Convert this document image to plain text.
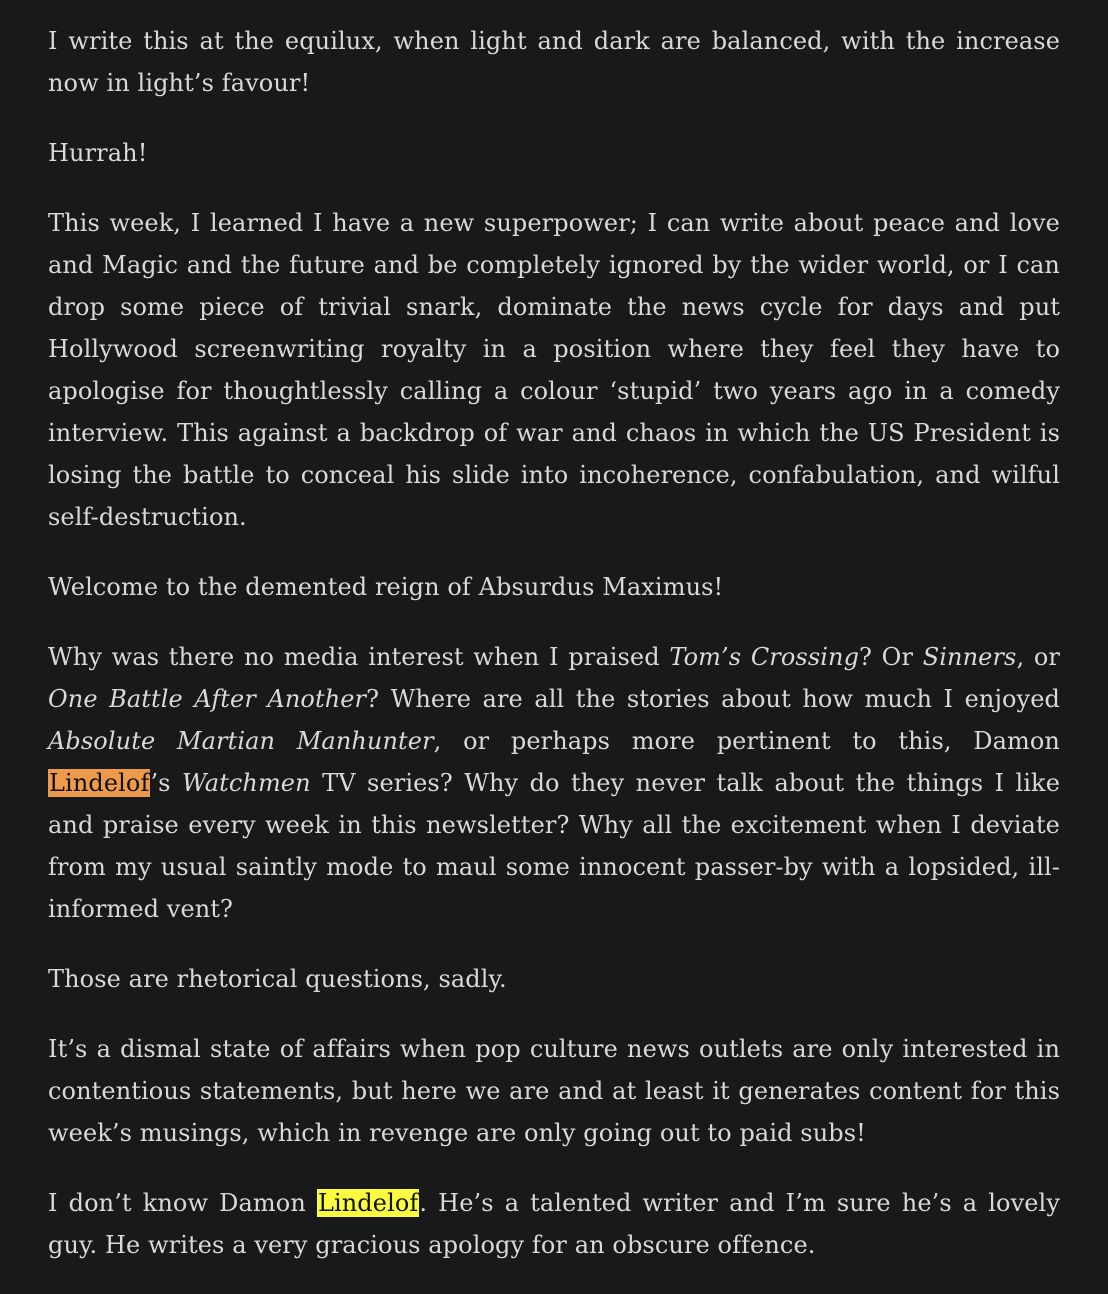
I write this at the equilux, when light and dark are balanced, with the increase now in light’s favour!

Hurrah!

This week, I learned I have a new superpower; I can write about peace and love and Magic and the future and be completely ignored by the wider world, or I can drop some piece of trivial snark, dominate the news cycle for days and put Hollywood screenwriting royalty in a position where they feel they have to apologise for thoughtlessly calling a colour ‘stupid’ two years ago in a comedy interview. This against a backdrop of war and chaos in which the US President is losing the battle to conceal his slide into incoherence, confabulation, and wilful self-destruction.

Welcome to the demented reign of Absurdus Maximus!

Why was there no media interest when I praised Tom’s Crossing? Or Sinners, or One Battle After Another? Where are all the stories about how much I enjoyed Absolute Martian Manhunter, or perhaps more pertinent to this, Damon Lindelof’s Watchmen TV series? Why do they never talk about the things I like and praise every week in this newsletter? Why all the excitement when I deviate from my usual saintly mode to maul some innocent passer-by with a lopsided, ill-informed vent?

Those are rhetorical questions, sadly.

It’s a dismal state of affairs when pop culture news outlets are only interested in contentious statements, but here we are and at least it generates content for this week’s musings, which in revenge are only going out to paid subs!

I don’t know Damon Lindelof. He’s a talented writer and I’m sure he’s a lovely guy. He writes a very gracious apology for an obscure offence.
